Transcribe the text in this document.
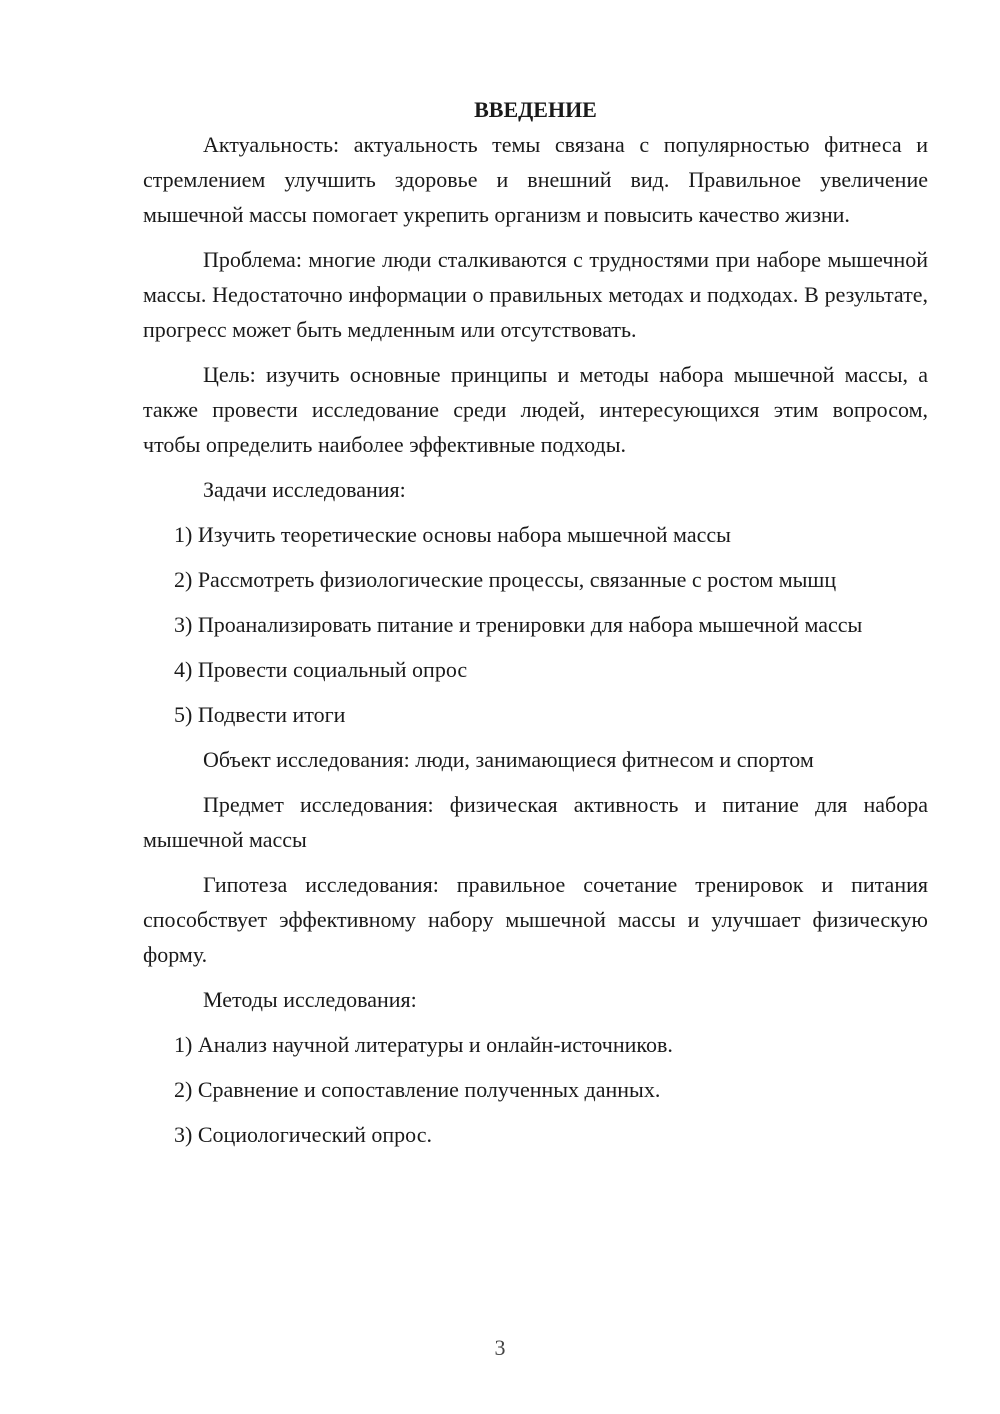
ВВЕДЕНИЕ

Актуальность: актуальность темы связана с популярностью фитнеса и стремлением улучшить здоровье и внешний вид. Правильное увеличение мышечной массы помогает укрепить организм и повысить качество жизни.

Проблема: многие люди сталкиваются с трудностями при наборе мышечной массы. Недостаточно информации о правильных методах и подходах. В результате, прогресс может быть медленным или отсутствовать.

Цель: изучить основные принципы и методы набора мышечной массы, а также провести исследование среди людей, интересующихся этим вопросом, чтобы определить наиболее эффективные подходы.

Задачи исследования:

1) Изучить теоретические основы набора мышечной массы

2) Рассмотреть физиологические процессы, связанные с ростом мышц

3) Проанализировать питание и тренировки для набора мышечной массы

4) Провести социальный опрос

5) Подвести итоги

Объект исследования: люди, занимающиеся фитнесом и спортом

Предмет исследования: физическая активность и питание для набора мышечной массы

Гипотеза исследования: правильное сочетание тренировок и питания способствует эффективному набору мышечной массы и улучшает физическую форму.

Методы исследования:

1) Анализ научной литературы и онлайн-источников.

2) Сравнение и сопоставление полученных данных.

3) Социологический опрос.

3
